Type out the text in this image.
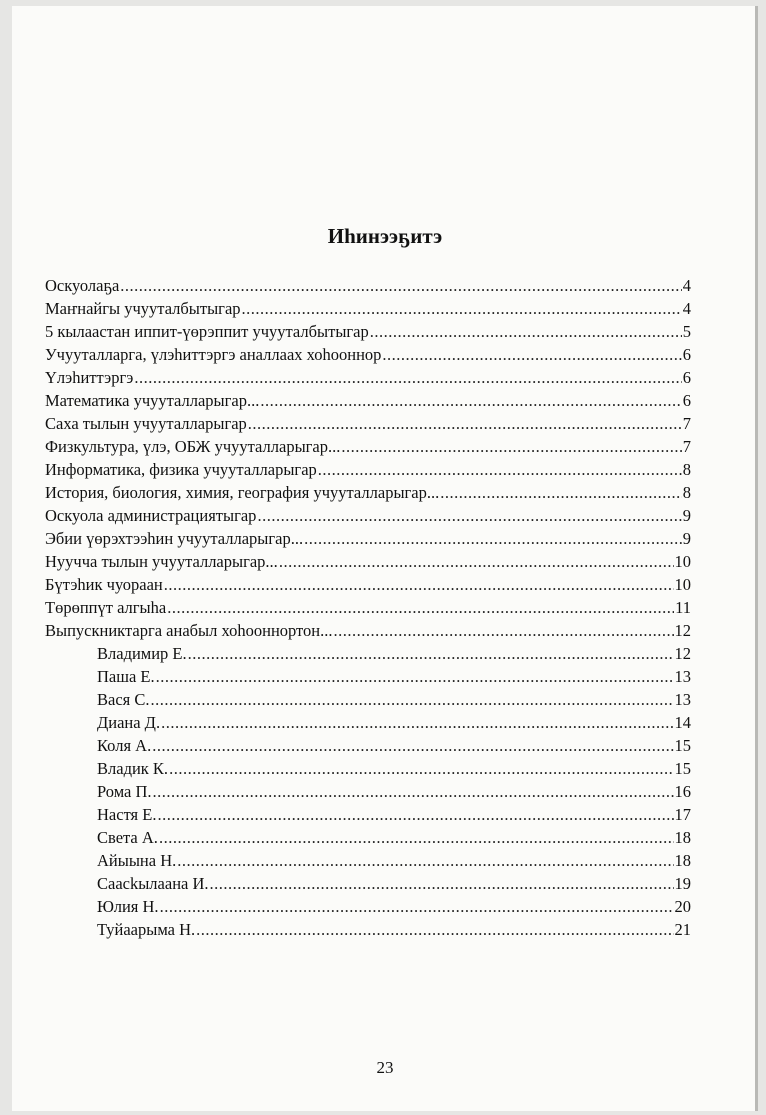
Иhинээҕитэ
Оскуолаҕа .....	4
Маҥнайгы учууталбытыгар .....	4
5 кылаастан иппит-үөрэппит учууталбытыгар .....	5
Учууталларга, үлэhиттэргэ аналлаах хоhооннор .....	6
Үлэhиттэргэ .....	6
Математика учууталларыгар... .....	6
Саха тылын учууталларыгар .....	7
Физкультура, үлэ, ОБЖ учууталларыгар... .....	7
Информатика, физика учууталларыгар .....	8
История, биология, химия, география учууталларыгар... .....	8
Оскуола администрациятыгар .....	9
Эбии үөрэхтээhин учууталларыгар... .....	9
Нуучча тылын учууталларыгар... .....	10
Бүтэhик чуораан .....	10
Төрөппүт алгыhа .....	11
Выпускниктарга анабыл хоhооннортон... .....	12
Владимир Е. .....	12
Паша Е. .....	13
Вася С. .....	13
Диана Д. .....	14
Коля А. .....	15
Владик К. .....	15
Рома П. .....	16
Настя Е. .....	17
Света А. .....	18
Айыына Н. .....	18
Саасkылаана И. .....	19
Юлия Н. .....	20
Туйаарыма Н. .....	21
23
